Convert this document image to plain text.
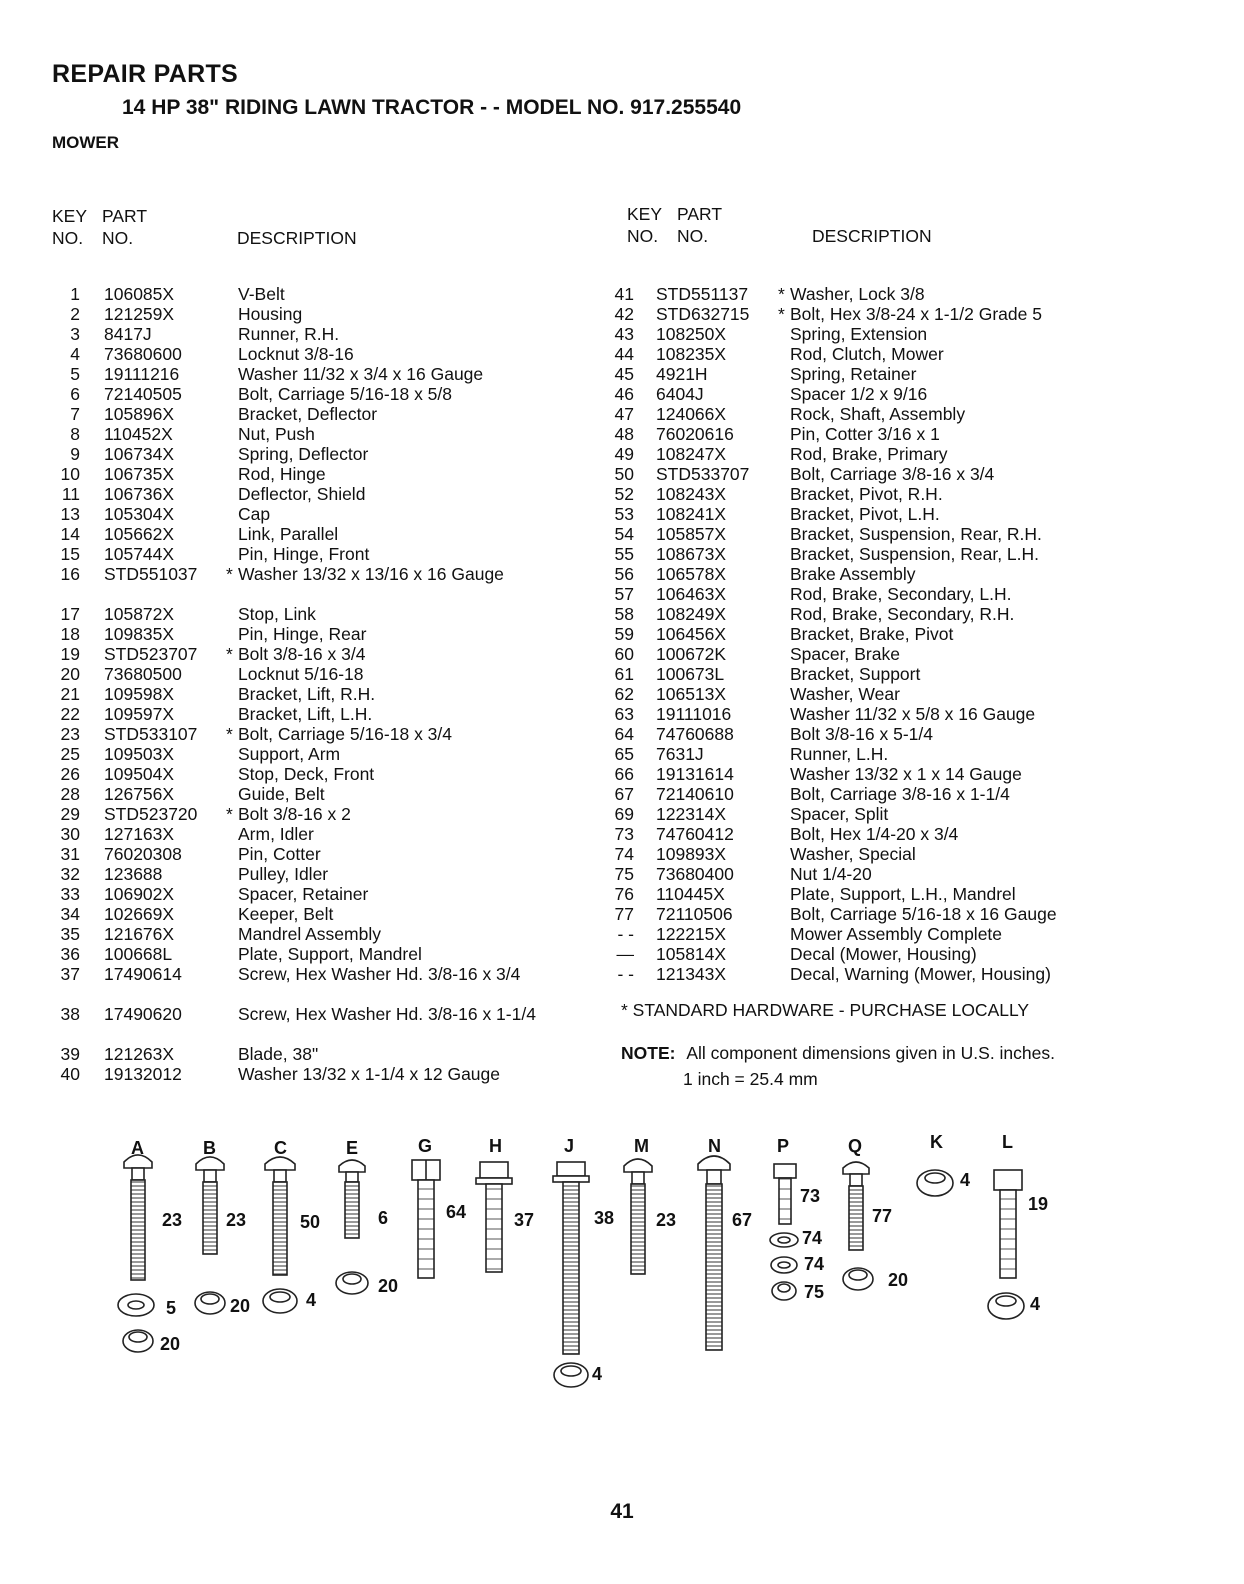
REPAIR PARTS
14 HP 38" RIDING LAWN TRACTOR - - MODEL NO. 917.255540
MOWER
KEY
NO.
PART
NO.	DESCRIPTION
KEY
NO.
PART
NO.	DESCRIPTION
1 106085X	V-Belt
2 121259X	Housing
3 8417J	Runner, R.H.
4 73680600	Locknut 3/8-16
5 19111216	Washer 11/32 x 3/4 x 16 Gauge
6 72140505	Bolt, Carriage 5/16-18 x 5/8
7 105896X	Bracket, Deflector
8 110452X	Nut, Push
9 106734X	Spring, Deflector
10 106735X	Rod, Hinge
11 106736X	Deflector, Shield
13 105304X	Cap
14 105662X	Link, Parallel
15 105744X	Pin, Hinge, Front
16 STD551037 * Washer 13/32 x 13/16 x 16 Gauge
17 105872X	Stop, Link
18 109835X	Pin, Hinge, Rear
19 STD523707 * Bolt 3/8-16 x 3/4
20 73680500	Locknut 5/16-18
21 109598X	Bracket, Lift, R.H.
22 109597X	Bracket, Lift, L.H.
23 STD533107 * Bolt, Carriage 5/16-18 x 3/4
25 109503X	Support, Arm
26 109504X	Stop, Deck, Front
28 126756X	Guide, Belt
29 STD523720 * Bolt 3/8-16 x 2
30 127163X	Arm, Idler
31 76020308	Pin, Cotter
32 123688	Pulley, Idler
33 106902X	Spacer, Retainer
34 102669X	Keeper, Belt
35 121676X	Mandrel Assembly
36 100668L	Plate, Support, Mandrel
37 17490614	Screw, Hex Washer Hd. 3/8-16 x 3/4
38 17490620	Screw, Hex Washer Hd. 3/8-16 x 1-1/4
39 121263X	Blade, 38"
40 19132012	Washer 13/32 x 1-1/4 x 12 Gauge
41 STD551137 * Washer, Lock 3/8
42 STD632715 * Bolt, Hex 3/8-24 x 1-1/2 Grade 5
43 108250X	Spring, Extension
44 108235X	Rod, Clutch, Mower
45 4921H	Spring, Retainer
46 6404J	Spacer 1/2 x 9/16
47 124066X	Rock, Shaft, Assembly
48 76020616	Pin, Cotter 3/16 x 1
49 108247X	Rod, Brake, Primary
50 STD533707 Bolt, Carriage 3/8-16 x 3/4
52 108243X	Bracket, Pivot, R.H.
53 108241X	Bracket, Pivot, L.H.
54 105857X	Bracket, Suspension, Rear, R.H.
55 108673X	Bracket, Suspension, Rear, L.H.
56 106578X	Brake Assembly
57 106463X	Rod, Brake, Secondary, L.H.
58 108249X	Rod, Brake, Secondary, R.H.
59 106456X	Bracket, Brake, Pivot
60 100672K	Spacer, Brake
61 100673L	Bracket, Support
62 106513X	Washer, Wear
63 19111016	Washer 11/32 x 5/8 x 16 Gauge
64 74760688	Bolt 3/8-16 x 5-1/4
65 7631J	Runner, L.H.
66 19131614	Washer 13/32 x 1 x 14 Gauge
67 72140610	Bolt, Carriage 3/8-16 x 1-1/4
69 122314X	Spacer, Split
73 74760412	Bolt, Hex 1/4-20 x 3/4
74 109893X	Washer, Special
75 73680400	Nut 1/4-20
76 110445X	Plate, Support, L.H., Mandrel
77 72110506	Bolt, Carriage 5/16-18 x 16 Gauge
- - 122215X	Mower Assembly Complete
— 105814X	Decal (Mower, Housing)
- - 121343X	Decal, Warning (Mower, Housing)
* STANDARD HARDWARE - PURCHASE LOCALLY
NOTE: All component dimensions given in U.S. inches.
1 inch = 25.4 mm
A	B	C	E	G	H	J	M	N	P	Q	K	L
23 23	50	6	64	37	38 23	67
73
77
19
5
20
20	4
20
74
74
75
20
4
4
4
41
